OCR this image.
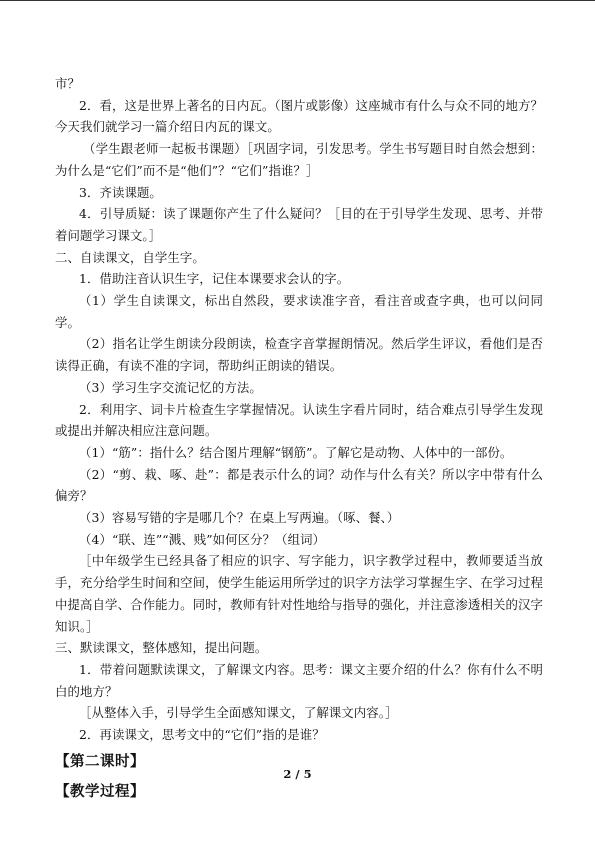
市？

2．看，这是世界上著名的日内瓦。（图片或影像）这座城市有什么与众不同的地方？今天我们就学习一篇介绍日内瓦的课文。

（学生跟老师一起板书课题）［巩固字词，引发思考。学生书写题目时自然会想到：为什么是“它们”而不是“他们”？“它们”指谁？］

3．齐读课题。

4．引导质疑：读了课题你产生了什么疑问？［目的在于引导学生发现、思考、并带着问题学习课文。］

二、自读课文，自学生字。

1．借助注音认识生字，记住本课要求会认的字。

（1）学生自读课文，标出自然段，要求读准字音，看注音或查字典，也可以问同学。

（2）指名让学生朗读分段朗读，检查字音掌握朗情况。然后学生评议，看他们是否读得正确，有读不准的字词，帮助纠正朗读的错误。

（3）学习生字交流记忆的方法。

2．利用字、词卡片检查生字掌握情况。认读生字看片同时，结合难点引导学生发现或提出并解决相应注意问题。

（1）“筋”：指什么？结合图片理解“钢筋”。了解它是动物、人体中的一部份。

（2）“剪、栽、啄、赴”：都是表示什么的词？动作与什么有关？所以字中带有什么偏旁？

（3）容易写错的字是哪几个？在桌上写两遍。（啄、餐、）

（4）“联、连”“溅、贱”如何区分？（组词）

［中年级学生已经具备了相应的识字、写字能力，识字教学过程中，教师要适当放手，充分给学生时间和空间，使学生能运用所学过的识字方法学习掌握生字、在学习过程中提高自学、合作能力。同时，教师有针对性地给与指导的强化，并注意渗透相关的汉字知识。］

三、默读课文，整体感知，提出问题。

1．带着问题默读课文，了解课文内容。思考：课文主要介绍的什么？你有什么不明白的地方？

［从整体入手，引导学生全面感知课文，了解课文内容。］

2．再读课文，思考文中的“它们”指的是谁？

【第二课时】

【教学过程】

2 / 5
